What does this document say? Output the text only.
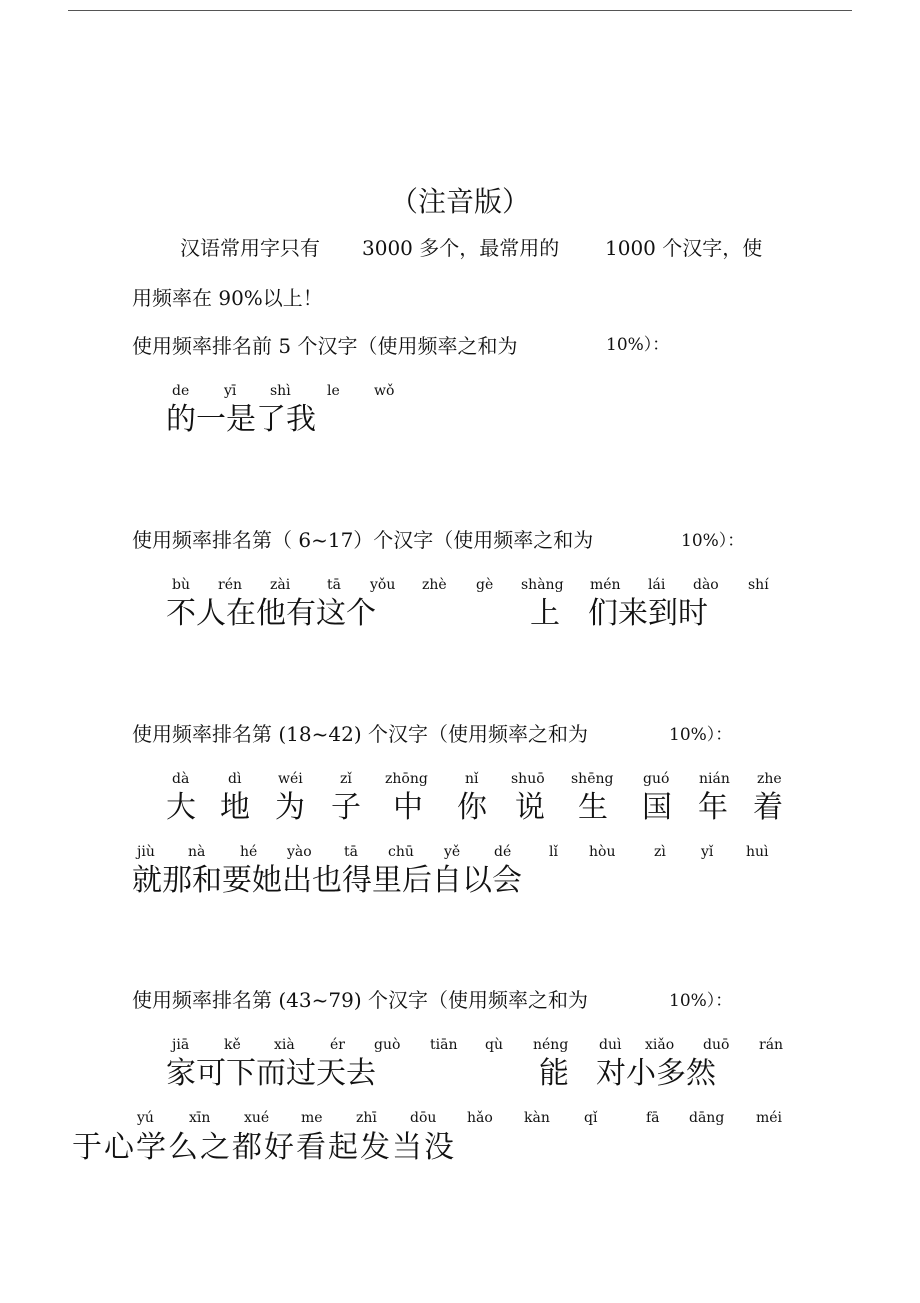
（注音版）
汉语常用字只有 3000 多个，最常用的 1000 个汉字，使
用频率在 90%以上！
使用频率排名前 5 个汉字（使用频率之和为	10%）：
de yī shì	le wǒ
的一是了我
使用频率排名第（ 6~17）个汉字（使用频率之和为	10%）：
bù rén zài	tā yǒu zhè gè shàng mén lái dào shí
不人在他有这个	上 们来到时
使用频率排名第 (18~42) 个汉字（使用频率之和为	10%）：
dà	dì	wéi	zǐ zhōng	nǐ shuō shēng guó nián zhe
大 地 为 子 中 你 说 生 国 年 着
jiù nà hé yào tā chū yě dé	lǐ hòu	zì	yǐ huì
就那和要她出也得里后自以会
使用频率排名第 (43~79) 个汉字（使用频率之和为	10%）：
jiā kě xià	ér guò tiān qù néng duì xiǎo duō rán
家可下而过天去	能 对小多然
yú	xīn xué me zhī dōu hǎo kàn qǐ	fā dāng méi
于心学么之都好看起发当没
